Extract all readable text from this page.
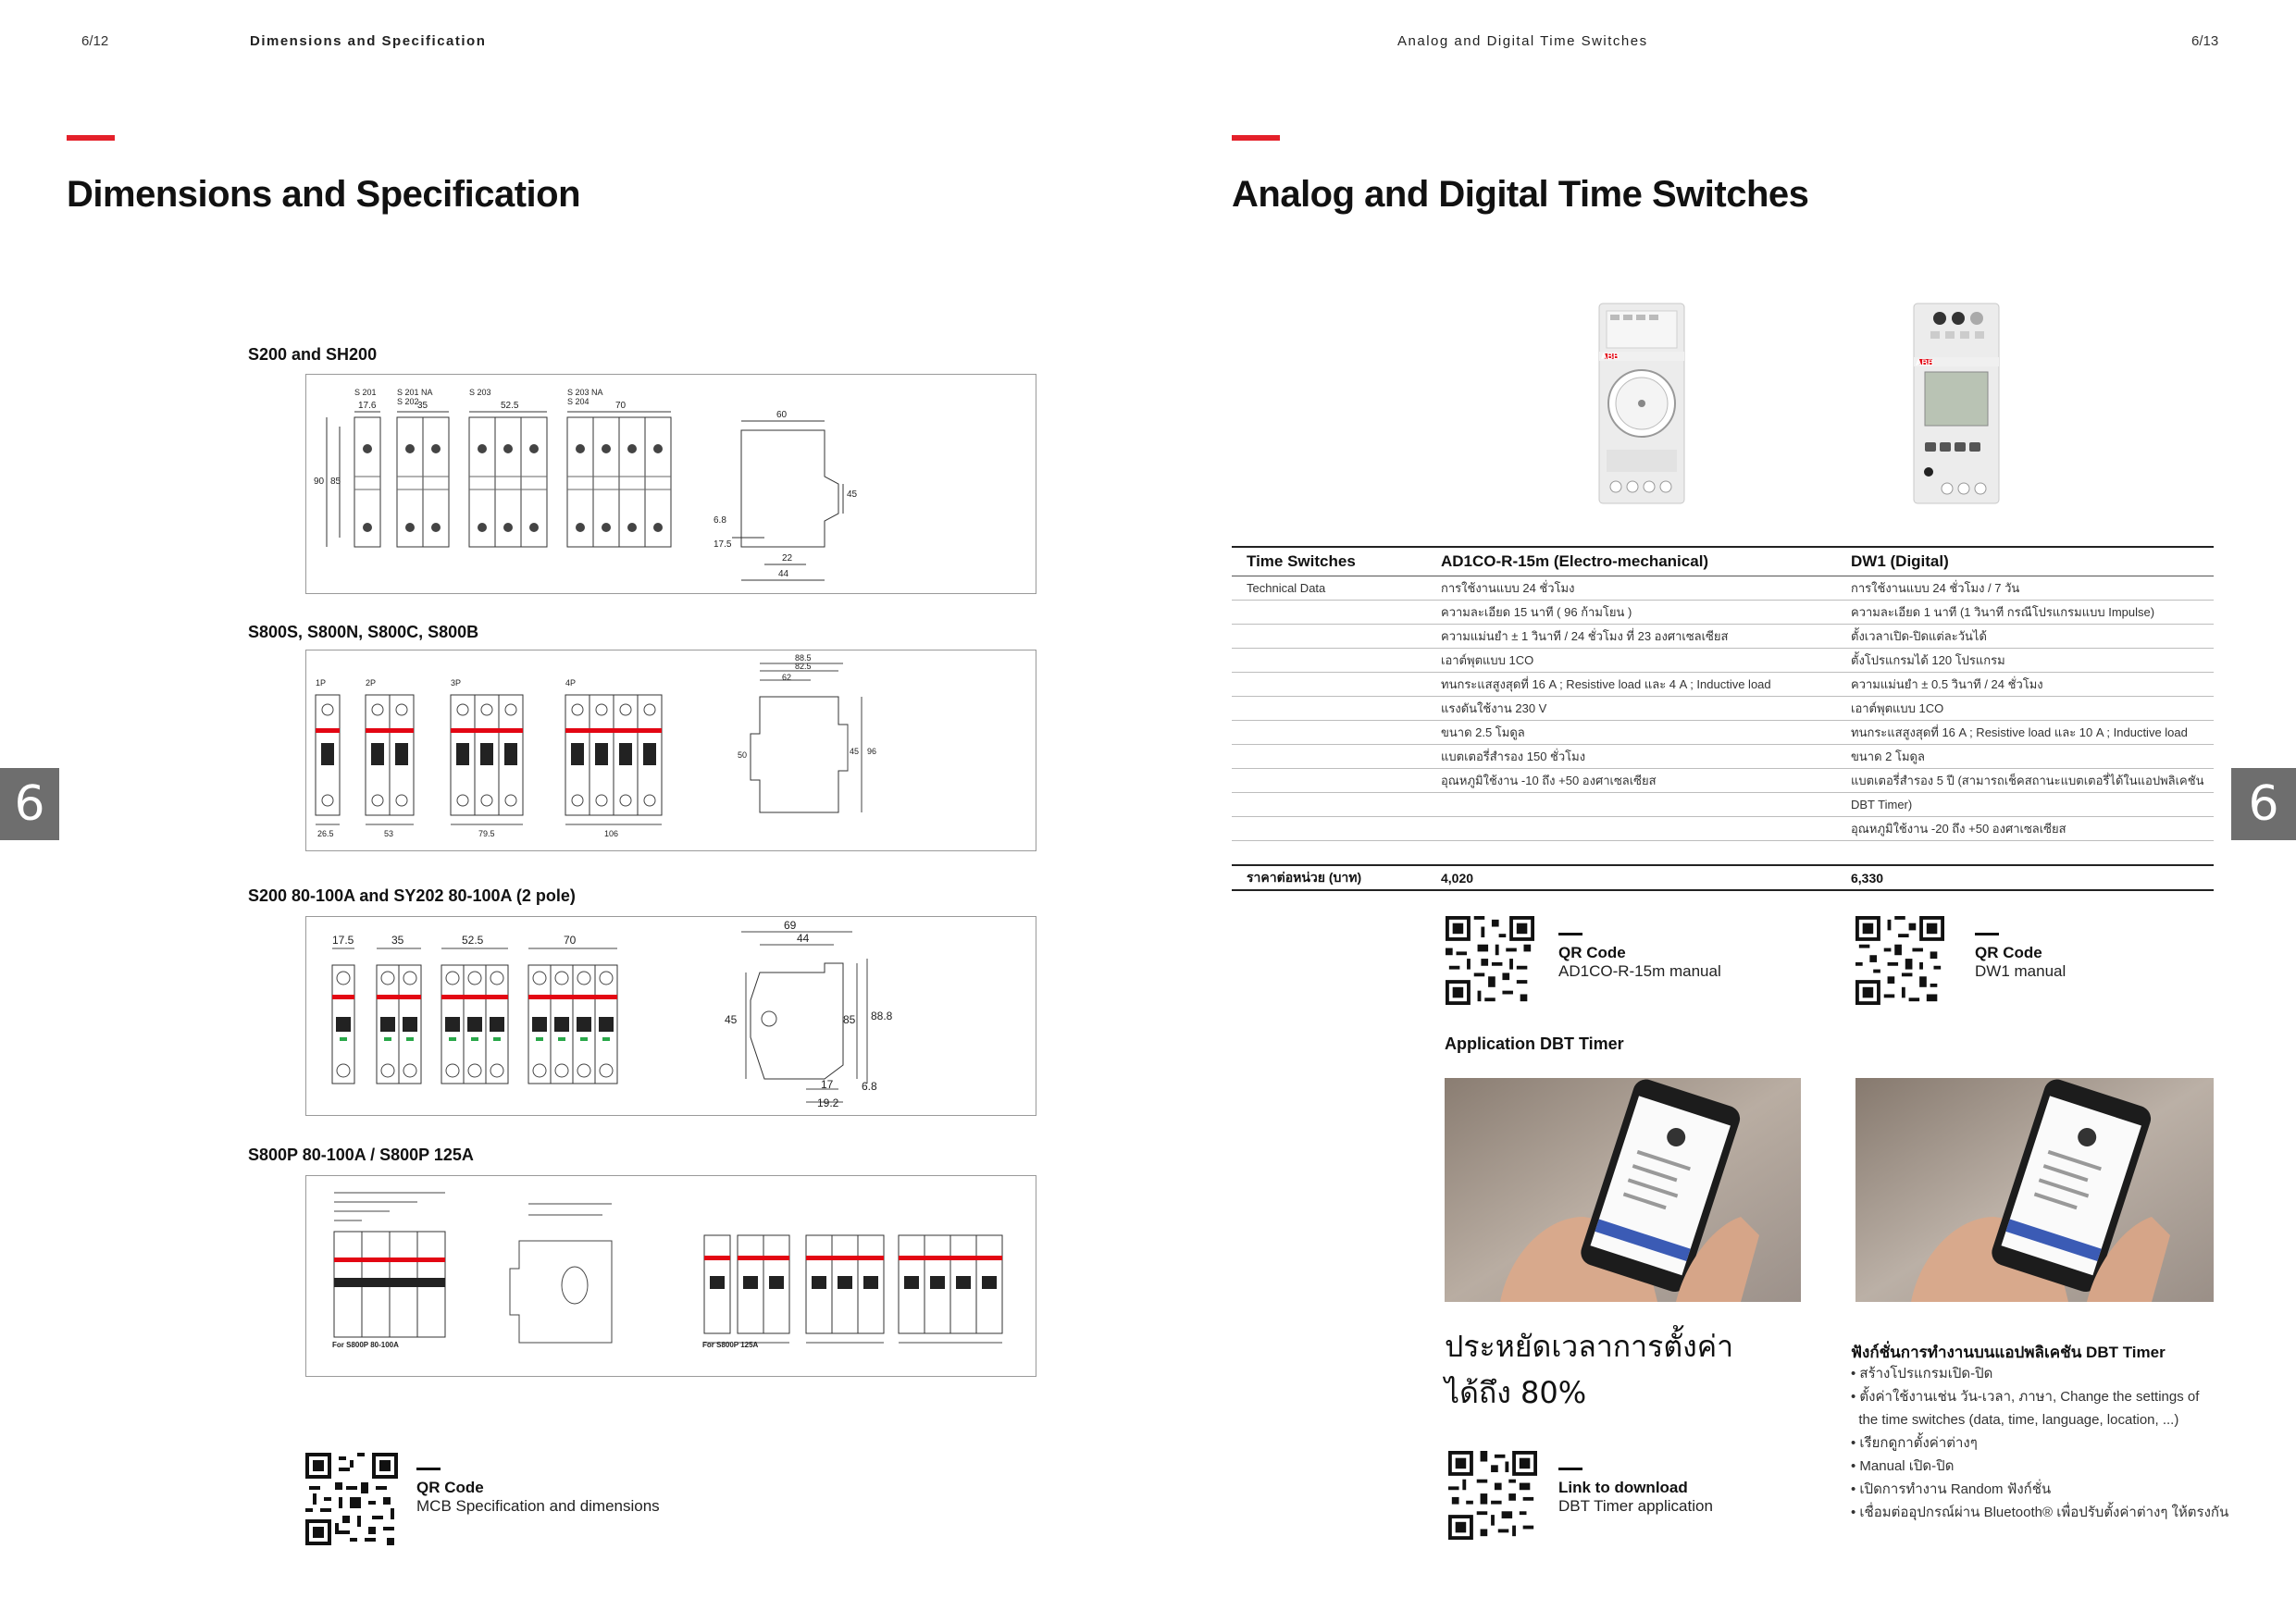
6/12	Dimensions and Specification
Dimensions and Specification
6
S200 and SH200
S 201 S 201 NA
S 202
S 203	S 203 NA
S 204
17.6	35	52.5	70
60
45
6.8
17.5
22
44
90 85
S800S, S800N, S800C, S800B
1P	2P	3P	4P
26.5	53	79.5	106
88.5
82.5
62
96
45
50
S200 80-100A and SY202 80-100A (2 pole)
17.5	35	52.5	70
69
44
45	85 88.8
6.8
17
19.2
S800P 80-100A / S800P 125A
For S800P 80-100A	For S800P 125A
QR Code
MCB Specification and dimensions
Analog and Digital Time Switches	6/13
Analog and Digital Time Switches
6
ABB
ABB
Time Switches	AD1CO-R-15m (Electro-mechanical)	DW1 (Digital)
Technical Data	การใช้งานแบบ 24 ชั่วโมง	การใช้งานแบบ 24 ชั่วโมง / 7 วัน
	ความละเอียด 15 นาที ( 96 ก้ามโยน )	ความละเอียด 1 นาที (1 วินาที กรณีโปรแกรมแบบ Impulse)
	ความแม่นยำ ± 1 วินาที / 24 ชั่วโมง ที่ 23 องศาเซลเซียส	ตั้งเวลาเปิด-ปิดแต่ละวันได้
	เอาต์พุตแบบ 1CO	ตั้งโปรแกรมได้ 120 โปรแกรม
	ทนกระแสสูงสุดที่ 16 A ; Resistive load และ 4 A ; Inductive load	ความแม่นยำ ± 0.5 วินาที / 24 ชั่วโมง
	แรงดันใช้งาน 230 V	เอาต์พุตแบบ 1CO
	ขนาด 2.5 โมดูล	ทนกระแสสูงสุดที่ 16 A ; Resistive load และ 10 A ; Inductive load
	แบตเตอรี่สำรอง 150 ชั่วโมง	ขนาด 2 โมดูล
	อุณหภูมิใช้งาน -10 ถึง +50 องศาเซลเซียส	แบตเตอรี่สำรอง 5 ปี (สามารถเช็คสถานะแบตเตอรี่ได้ในแอปพลิเคชัน
		DBT Timer)
		อุณหภูมิใช้งาน -20 ถึง +50 องศาเซลเซียส

ราคาต่อหน่วย (บาท)	4,020	6,330
QR Code
AD1CO-R-15m manual
QR Code
DW1 manual
Application DBT Timer
ประหยัดเวลาการตั้งค่า
ได้ถึง 80%
Link to download
DBT Timer application
ฟังก์ชั่นการทำงานบนแอปพลิเคชัน DBT Timer
• สร้างโปรแกรมเปิด-ปิด
• ตั้งค่าใช้งานเช่น วัน-เวลา, ภาษา, Change the settings of
the time switches (data, time, language, location, ...)
• เรียกดูกาตั้งค่าต่างๆ
• Manual เปิด-ปิด
• เปิดการทำงาน Random ฟังก์ชั่น
• เชื่อมต่ออุปกรณ์ผ่าน Bluetooth® เพื่อปรับตั้งค่าต่างๆ ให้ตรงกัน
